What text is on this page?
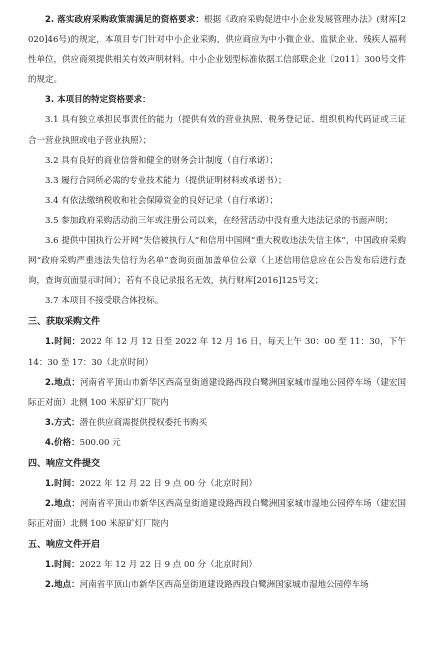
2. 落实政府采购政策需满足的资格要求：根据《政府采购促进中小企业发展管理办法》(财库[2020]46号)的规定，本项目专门针对中小企业采购，供应商应为中小微企业、监狱企业、残疾人福利性单位，供应商须提供相关有效声明材料。中小企业划型标准依据工信部联企业〔2011〕300号文件的规定。

3. 本项目的特定资格要求：

3.1 具有独立承担民事责任的能力（提供有效的营业执照、税务登记证、组织机构代码证或三证合一营业执照或电子营业执照）；

3.2 具有良好的商业信誉和健全的财务会计制度（自行承诺）；

3.3 履行合同所必需的专业技术能力（提供证明材料或承诺书）；

3.4 有依法缴纳税收和社会保障资金的良好记录（自行承诺）；

3.5 参加政府采购活动前三年或注册公司以来，在经营活动中没有重大违法记录的书面声明；

3.6 提供中国执行公开网“失信被执行人”和信用中国网“重大税收违法失信主体”，中国政府采购网“政府采购严重违法失信行为名单”查询页面加盖单位公章（上述信用信息应在公告发布后进行查询，查询页面显示时间）；若有不良记录报名无效，执行财库[2016]125号文；

3.7 本项目不接受联合体投标。

三、获取采购文件

1.时间：2022 年 12 月 12 日至 2022 年 12 月 16 日，每天上午 30：00 至 11：30，下午 14：30 至 17：30（北京时间）

2.地点：河南省平顶山市新华区西高皇街道建设路西段白鹭洲国家城市湿地公园停车场（建宏国际正对面）北侧 100 米原矿灯厂院内

3.方式：潜在供应商需提供授权委托书购买

4.价格：500.00 元

四、响应文件提交

1.时间：2022 年 12 月 22 日 9 点 00 分（北京时间）

2.地点：河南省平顶山市新华区西高皇街道建设路西段白鹭洲国家城市湿地公园停车场（建宏国际正对面）北侧 100 米原矿灯厂院内

五、响应文件开启

1.时间：2022 年 12 月 22 日 9 点 00 分（北京时间）

2.地点：河南省平顶山市新华区西高皇街道建设路西段白鹭洲国家城市湿地公园停车场
